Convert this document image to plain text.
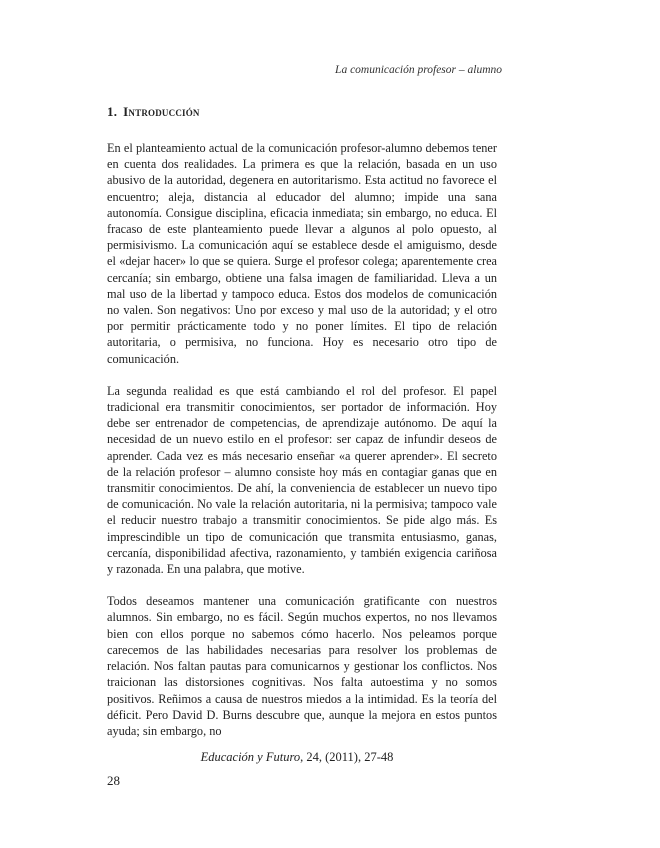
La comunicación profesor – alumno
1. Introducción

En el planteamiento actual de la comunicación profesor-alumno debemos tener en cuenta dos realidades. La primera es que la relación, basada en un uso abusivo de la autoridad, degenera en autoritarismo. Esta actitud no favorece el encuentro; aleja, distancia al educador del alumno; impide una sana autonomía. Consigue disciplina, eficacia inmediata; sin embargo, no educa. El fracaso de este planteamiento puede llevar a algunos al polo opuesto, al permisivismo. La comunicación aquí se establece desde el amiguismo, desde el «dejar hacer» lo que se quiera. Surge el profesor colega; aparentemente crea cercanía; sin embargo, obtiene una falsa imagen de familiaridad. Lleva a un mal uso de la libertad y tampoco educa. Estos dos modelos de comunicación no valen. Son negativos: Uno por exceso y mal uso de la autoridad; y el otro por permitir prácticamente todo y no poner límites. El tipo de relación autoritaria, o permisiva, no funciona. Hoy es necesario otro tipo de comunicación.

La segunda realidad es que está cambiando el rol del profesor. El papel tradicional era transmitir conocimientos, ser portador de información. Hoy debe ser entrenador de competencias, de aprendizaje autónomo. De aquí la necesidad de un nuevo estilo en el profesor: ser capaz de infundir deseos de aprender. Cada vez es más necesario enseñar «a querer aprender». El secreto de la relación profesor – alumno consiste hoy más en contagiar ganas que en transmitir conocimientos. De ahí, la conveniencia de establecer un nuevo tipo de comunicación. No vale la relación autoritaria, ni la permisiva; tampoco vale el reducir nuestro trabajo a transmitir conocimientos. Se pide algo más. Es imprescindible un tipo de comunicación que transmita entusiasmo, ganas, cercanía, disponibilidad afectiva, razonamiento, y también exigencia cariñosa y razonada. En una palabra, que motive.

Todos deseamos mantener una comunicación gratificante con nuestros alumnos. Sin embargo, no es fácil. Según muchos expertos, no nos llevamos bien con ellos porque no sabemos cómo hacerlo. Nos peleamos porque carecemos de las habilidades necesarias para resolver los problemas de relación. Nos faltan pautas para comunicarnos y gestionar los conflictos. Nos traicionan las distorsiones cognitivas. Nos falta autoestima y no somos positivos. Reñimos a causa de nuestros miedos a la intimidad. Es la teoría del déficit. Pero David D. Burns descubre que, aunque la mejora en estos puntos ayuda; sin embargo, no

Educación y Futuro, 24, (2011), 27-48
28
